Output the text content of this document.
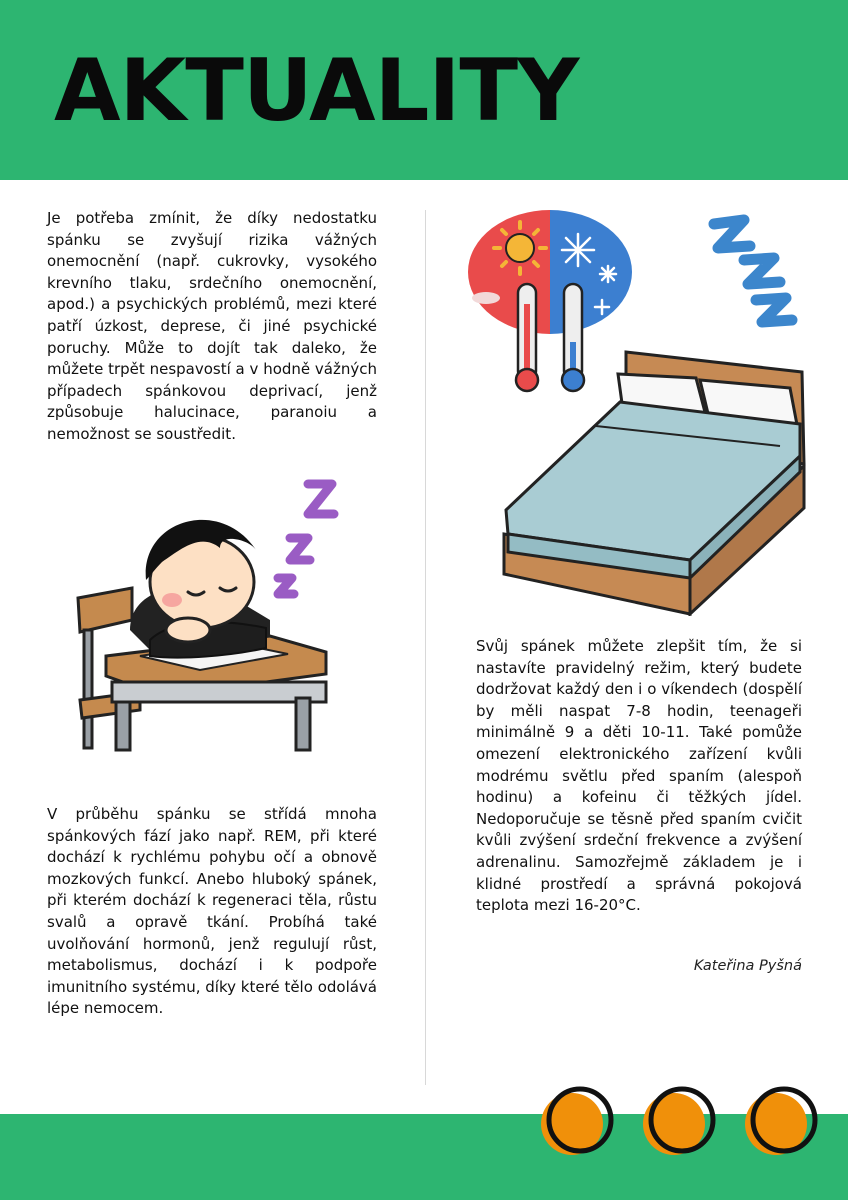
AKTUALITY
Je potřeba zmínit, že díky nedostatku spánku se zvyšují rizika vážných onemocnění (např. cukrovky, vysokého krevního tlaku, srdečního onemocnění, apod.) a psychických problémů, mezi které patří úzkost, deprese, či jiné psychické poruchy. Může to dojít tak daleko, že můžete trpět nespavostí a v hodně vážných případech spánkovou deprivací, jenž způsobuje halucinace, paranoiu a nemožnost se soustředit.
V průběhu spánku se střídá mnoha spánkových fází jako např. REM, při které dochází k rychlému pohybu očí a obnově mozkových funkcí. Anebo hluboký spánek, při kterém dochází k regeneraci těla, růstu svalů a opravě tkání. Probíhá také uvolňování hormonů, jenž regulují růst, metabolismus, dochází i k podpoře imunitního systému, díky které tělo odolává lépe nemocem.
Svůj spánek můžete zlepšit tím, že si nastavíte pravidelný režim, který budete dodržovat každý den i o víkendech (dospělí by měli naspat 7-8 hodin, teenageři minimálně 9 a děti 10-11. Také pomůže omezení elektronického zařízení kvůli modrému světlu před spaním (alespoň hodinu) a kofeinu či těžkých jídel. Nedoporučuje se těsně před spaním cvičit kvůli zvýšení srdeční frekvence a zvýšení adrenalinu. Samozřejmě základem je i klidné prostředí a správná pokojová teplota mezi 16-20°C.
Kateřina Pyšná
